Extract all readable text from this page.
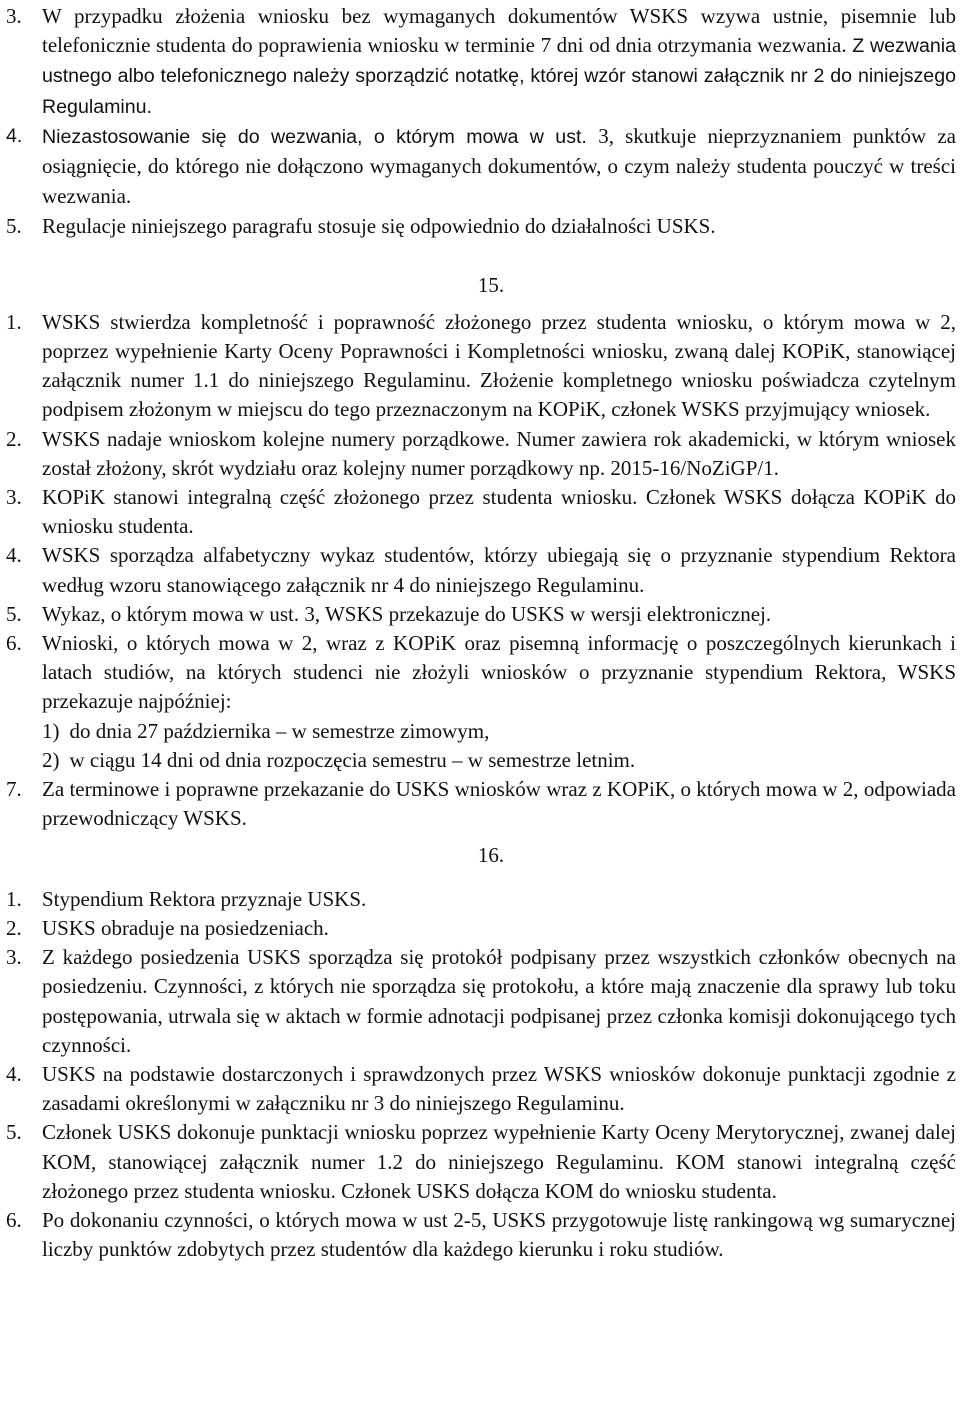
3. W przypadku złożenia wniosku bez wymaganych dokumentów WSKS wzywa ustnie, pisemnie lub telefonicznie studenta do poprawienia wniosku w terminie 7 dni od dnia otrzymania wezwania. Z wezwania ustnego albo telefonicznego należy sporządzić notatkę, której wzór stanowi załącznik nr 2 do niniejszego Regulaminu.
4. Niezastosowanie się do wezwania, o którym mowa w ust. 3, skutkuje nieprzyznaniem punktów za osiągnięcie, do którego nie dołączono wymaganych dokumentów, o czym należy studenta pouczyć w treści wezwania.
5. Regulacje niniejszego paragrafu stosuje się odpowiednio do działalności USKS.
15.
1. WSKS stwierdza kompletność i poprawność złożonego przez studenta wniosku, o którym mowa w 2, poprzez wypełnienie Karty Oceny Poprawności i Kompletności wniosku, zwaną dalej KOPiK, stanowiącej załącznik numer 1.1 do niniejszego Regulaminu. Złożenie kompletnego wniosku poświadcza czytelnym podpisem złożonym w miejscu do tego przeznaczonym na KOPiK, członek WSKS przyjmujący wniosek.
2. WSKS nadaje wnioskom kolejne numery porządkowe. Numer zawiera rok akademicki, w którym wniosek został złożony, skrót wydziału oraz kolejny numer porządkowy np. 2015-16/NoZiGP/1.
3. KOPiK stanowi integralną część złożonego przez studenta wniosku. Członek WSKS dołącza KOPiK do wniosku studenta.
4. WSKS sporządza alfabetyczny wykaz studentów, którzy ubiegają się o przyznanie stypendium Rektora według wzoru stanowiącego załącznik nr 4 do niniejszego Regulaminu.
5. Wykaz, o którym mowa w ust. 3, WSKS przekazuje do USKS w wersji elektronicznej.
6. Wnioski, o których mowa w 2, wraz z KOPiK oraz pisemną informację o poszczególnych kierunkach i latach studiów, na których studenci nie złożyli wniosków o przyznanie stypendium Rektora, WSKS przekazuje najpóźniej:
1) do dnia 27 października – w semestrze zimowym,
2) w ciągu 14 dni od dnia rozpoczęcia semestru – w semestrze letnim.
7. Za terminowe i poprawne przekazanie do USKS wniosków wraz z KOPiK, o których mowa w 2, odpowiada przewodniczący WSKS.
16.
1. Stypendium Rektora przyznaje USKS.
2. USKS obraduje na posiedzeniach.
3. Z każdego posiedzenia USKS sporządza się protokół podpisany przez wszystkich członków obecnych na posiedzeniu. Czynności, z których nie sporządza się protokołu, a które mają znaczenie dla sprawy lub toku postępowania, utrwala się w aktach w formie adnotacji podpisanej przez członka komisji dokonującego tych czynności.
4. USKS na podstawie dostarczonych i sprawdzonych przez WSKS wniosków dokonuje punktacji zgodnie z zasadami określonymi w załączniku nr 3 do niniejszego Regulaminu.
5. Członek USKS dokonuje punktacji wniosku poprzez wypełnienie Karty Oceny Merytorycznej, zwanej dalej KOM, stanowiącej załącznik numer 1.2 do niniejszego Regulaminu. KOM stanowi integralną część złożonego przez studenta wniosku. Członek USKS dołącza KOM do wniosku studenta.
6. Po dokonaniu czynności, o których mowa w ust 2-5, USKS przygotowuje listę rankingową wg sumarycznej liczby punktów zdobytych przez studentów dla każdego kierunku i roku studiów.
